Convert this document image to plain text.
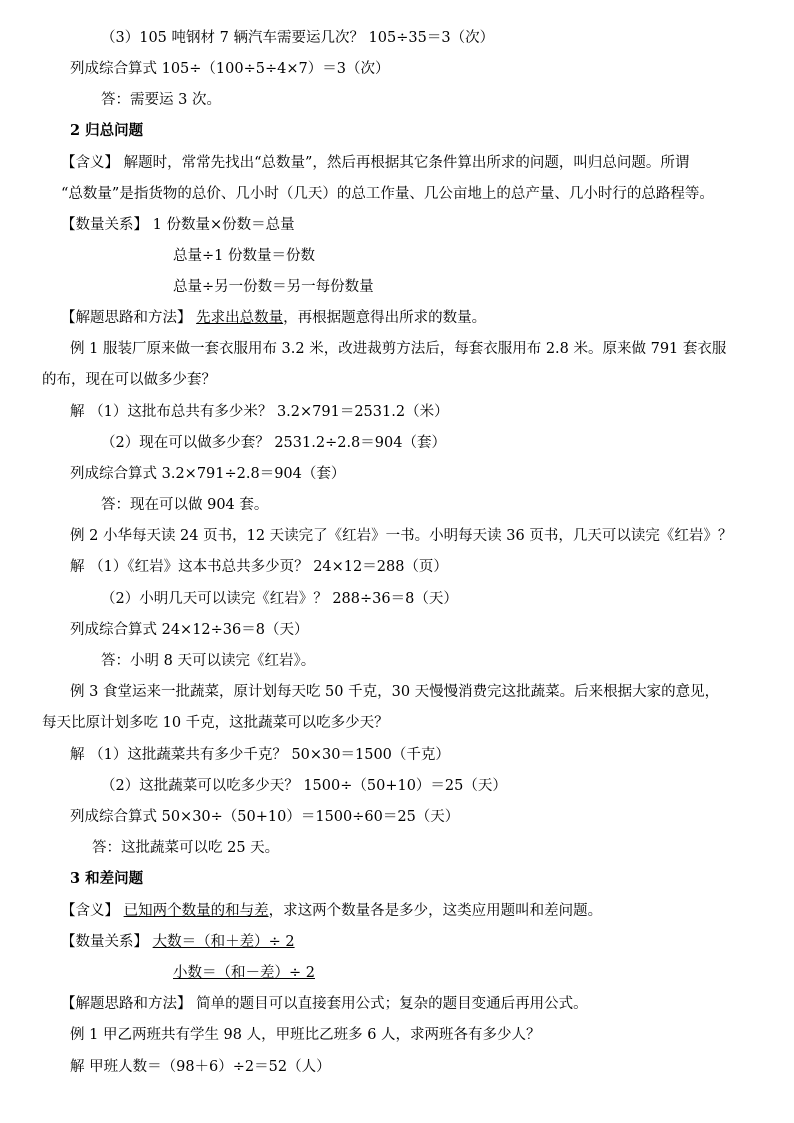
（3）105 吨钢材 7 辆汽车需要运几次？ 105÷35＝3（次）
列成综合算式 105÷（100÷5÷4×7）＝3（次）
答：需要运 3 次。
2 归总问题
【含义】 解题时，常常先找出“总数量”，然后再根据其它条件算出所求的问题，叫归总问题。所谓
“总数量”是指货物的总价、几小时（几天）的总工作量、几公亩地上的总产量、几小时行的总路程等。
【数量关系】 1 份数量×份数＝总量
总量÷1 份数量＝份数
总量÷另一份数＝另一每份数量
【解题思路和方法】 先求出总数量，再根据题意得出所求的数量。
例 1 服装厂原来做一套衣服用布 3.2 米，改进裁剪方法后，每套衣服用布 2.8 米。原来做 791 套衣服
的布，现在可以做多少套？
解 （1）这批布总共有多少米？ 3.2×791＝2531.2（米）
（2）现在可以做多少套？ 2531.2÷2.8＝904（套）
列成综合算式 3.2×791÷2.8＝904（套）
答：现在可以做 904 套。
例 2 小华每天读 24 页书，12 天读完了《红岩》一书。小明每天读 36 页书，几天可以读完《红岩》？
解 （1）《红岩》这本书总共多少页？ 24×12＝288（页）
（2）小明几天可以读完《红岩》？ 288÷36＝8（天）
列成综合算式 24×12÷36＝8（天）
答：小明 8 天可以读完《红岩》。
例 3 食堂运来一批蔬菜，原计划每天吃 50 千克，30 天慢慢消费完这批蔬菜。后来根据大家的意见，
每天比原计划多吃 10 千克，这批蔬菜可以吃多少天？
解 （1）这批蔬菜共有多少千克？ 50×30＝1500（千克）
（2）这批蔬菜可以吃多少天？ 1500÷（50+10）＝25（天）
列成综合算式 50×30÷（50+10）＝1500÷60＝25（天）
答：这批蔬菜可以吃 25 天。
3 和差问题
【含义】 已知两个数量的和与差，求这两个数量各是多少，这类应用题叫和差问题。
【数量关系】 大数＝（和＋差）÷ 2
小数＝（和－差）÷ 2
【解题思路和方法】 简单的题目可以直接套用公式；复杂的题目变通后再用公式。
例 1 甲乙两班共有学生 98 人，甲班比乙班多 6 人，求两班各有多少人？
解 甲班人数＝（98＋6）÷2＝52（人）
